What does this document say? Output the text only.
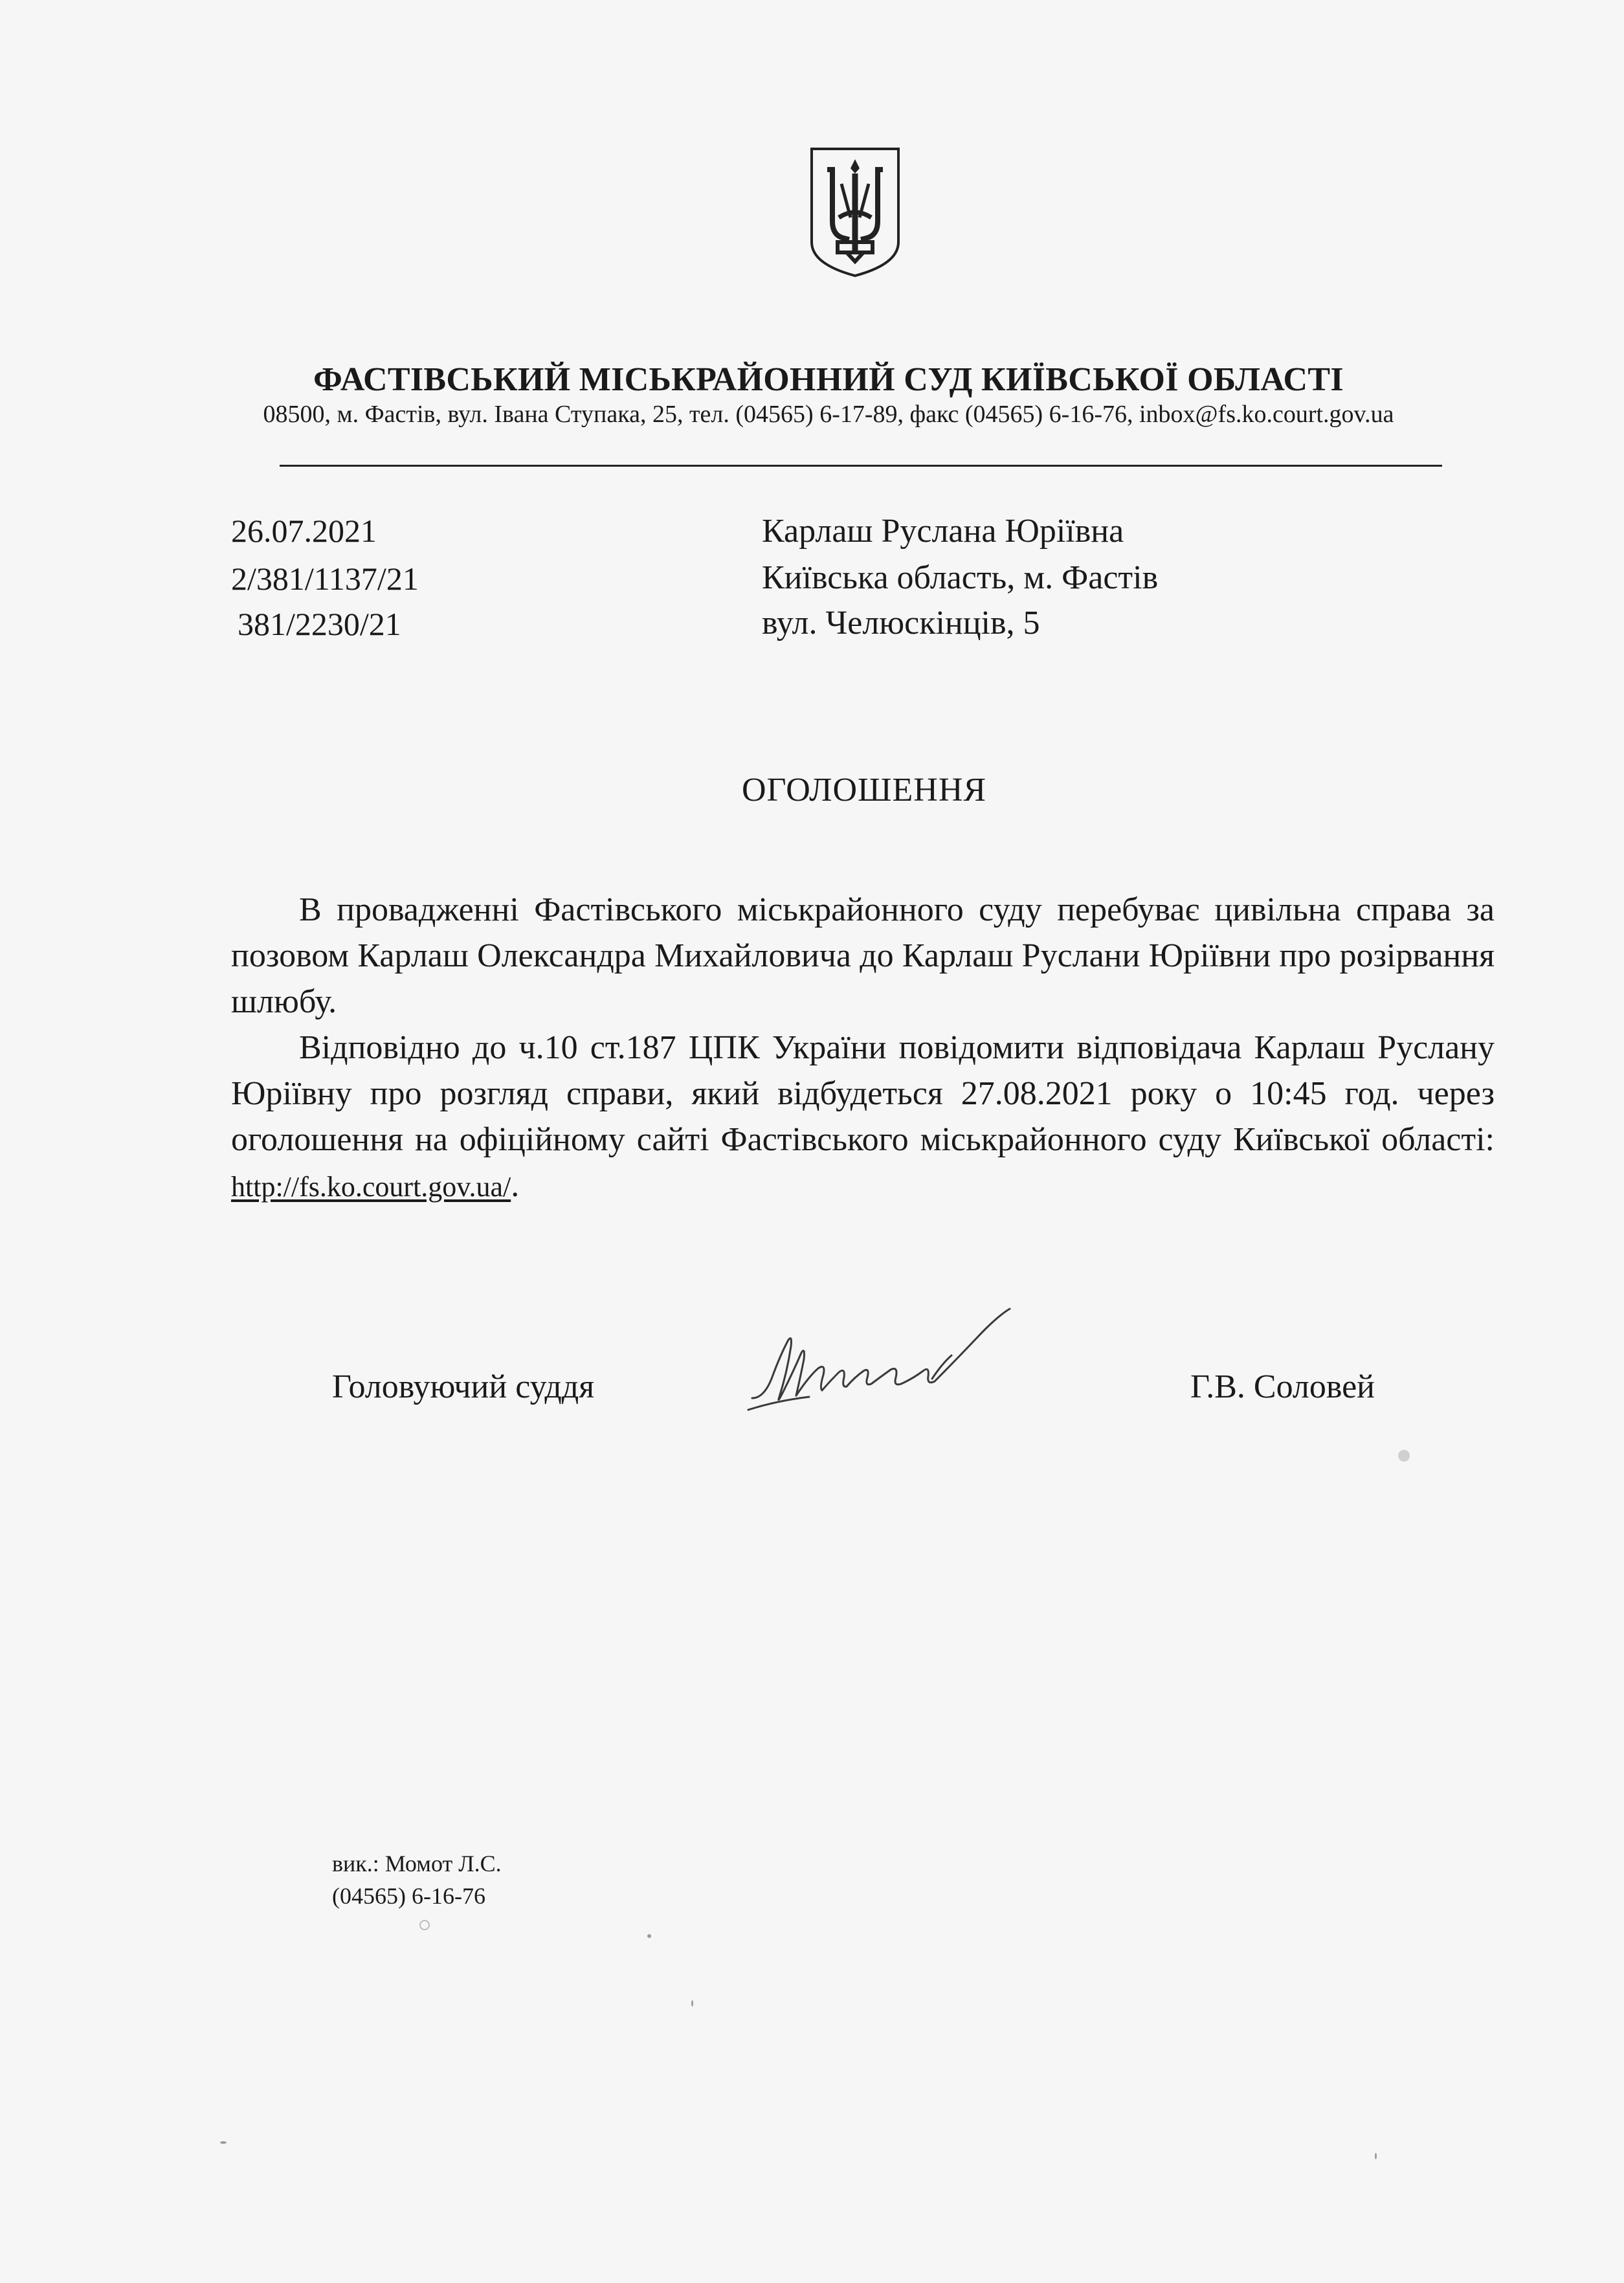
ФАСТІВСЬКИЙ МІСЬКРАЙОННИЙ СУД КИЇВСЬКОЇ ОБЛАСТІ
08500, м. Фастів, вул. Івана Ступака, 25, тел. (04565) 6-17-89, факс (04565) 6-16-76, inbox@fs.ko.court.gov.ua
26.07.2021
2/381/1137/21
381/2230/21
Карлаш Руслана Юріївна
Київська область, м. Фастів
вул. Челюскінців, 5
ОГОЛОШЕННЯ

В провадженні Фастівського міськрайонного суду перебуває цивільна справа за позовом Карлаш Олександра Михайловича до Карлаш Руслани Юріївни про розірвання шлюбу.

Відповідно до ч.10 ст.187 ЦПК України повідомити відповідача Карлаш Руслану Юріївну про розгляд справи, який відбудеться 27.08.2021 року о 10:45 год. через оголошення на офіційному сайті Фастівського міськрайонного суду Київської області: http://fs.ko.court.gov.ua/.

Головуючий суддя	Г.В. Соловей
вик.: Момот Л.С.
(04565) 6-16-76
